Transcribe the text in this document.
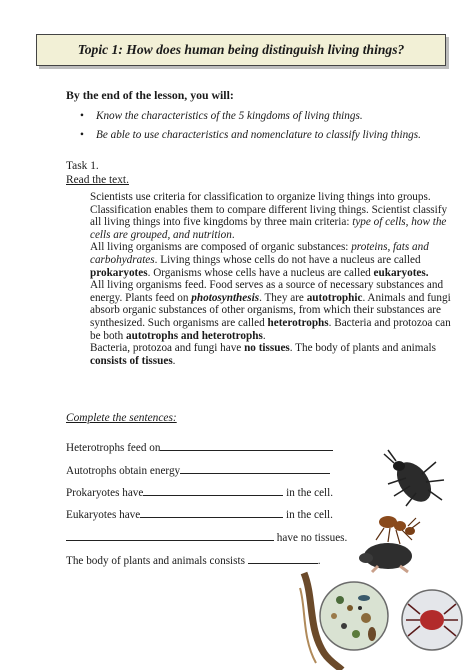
Topic 1: How does human being distinguish living things?

By the end of the lesson, you will:

• Know the characteristics of the 5 kingdoms of living things.
• Be able to use characteristics and nomenclature to classify living things.
Task 1.
Read the text.

Scientists use criteria for classification to organize living things into groups. Classification enables them to compare different living things. Scientist classify all living things into five kingdoms by three main criteria: type of cells, how the cells are grouped, and nutrition.

All living organisms are composed of organic substances: proteins, fats and carbohydrates. Living things whose cells do not have a nucleus are called prokaryotes. Organisms whose cells have a nucleus are called eukaryotes.

All living organisms feed. Food serves as a source of necessary substances and energy. Plants feed on photosynthesis. They are autotrophic. Animals and fungi absorb organic substances of other organisms, from which their substances are synthesized. Such organisms are called heterotrophs. Bacteria and protozoa can be both autotrophs and heterotrophs.

Bacteria, protozoa and fungi have no tissues. The body of plants and animals consists of tissues.

Complete the sentences:
Heterotrophs feed on
Autotrophs obtain energy
Prokaryotes have	in the cell.
Eukaryotes have	in the cell.
have no tissues.
The body of plants and animals consists	.
